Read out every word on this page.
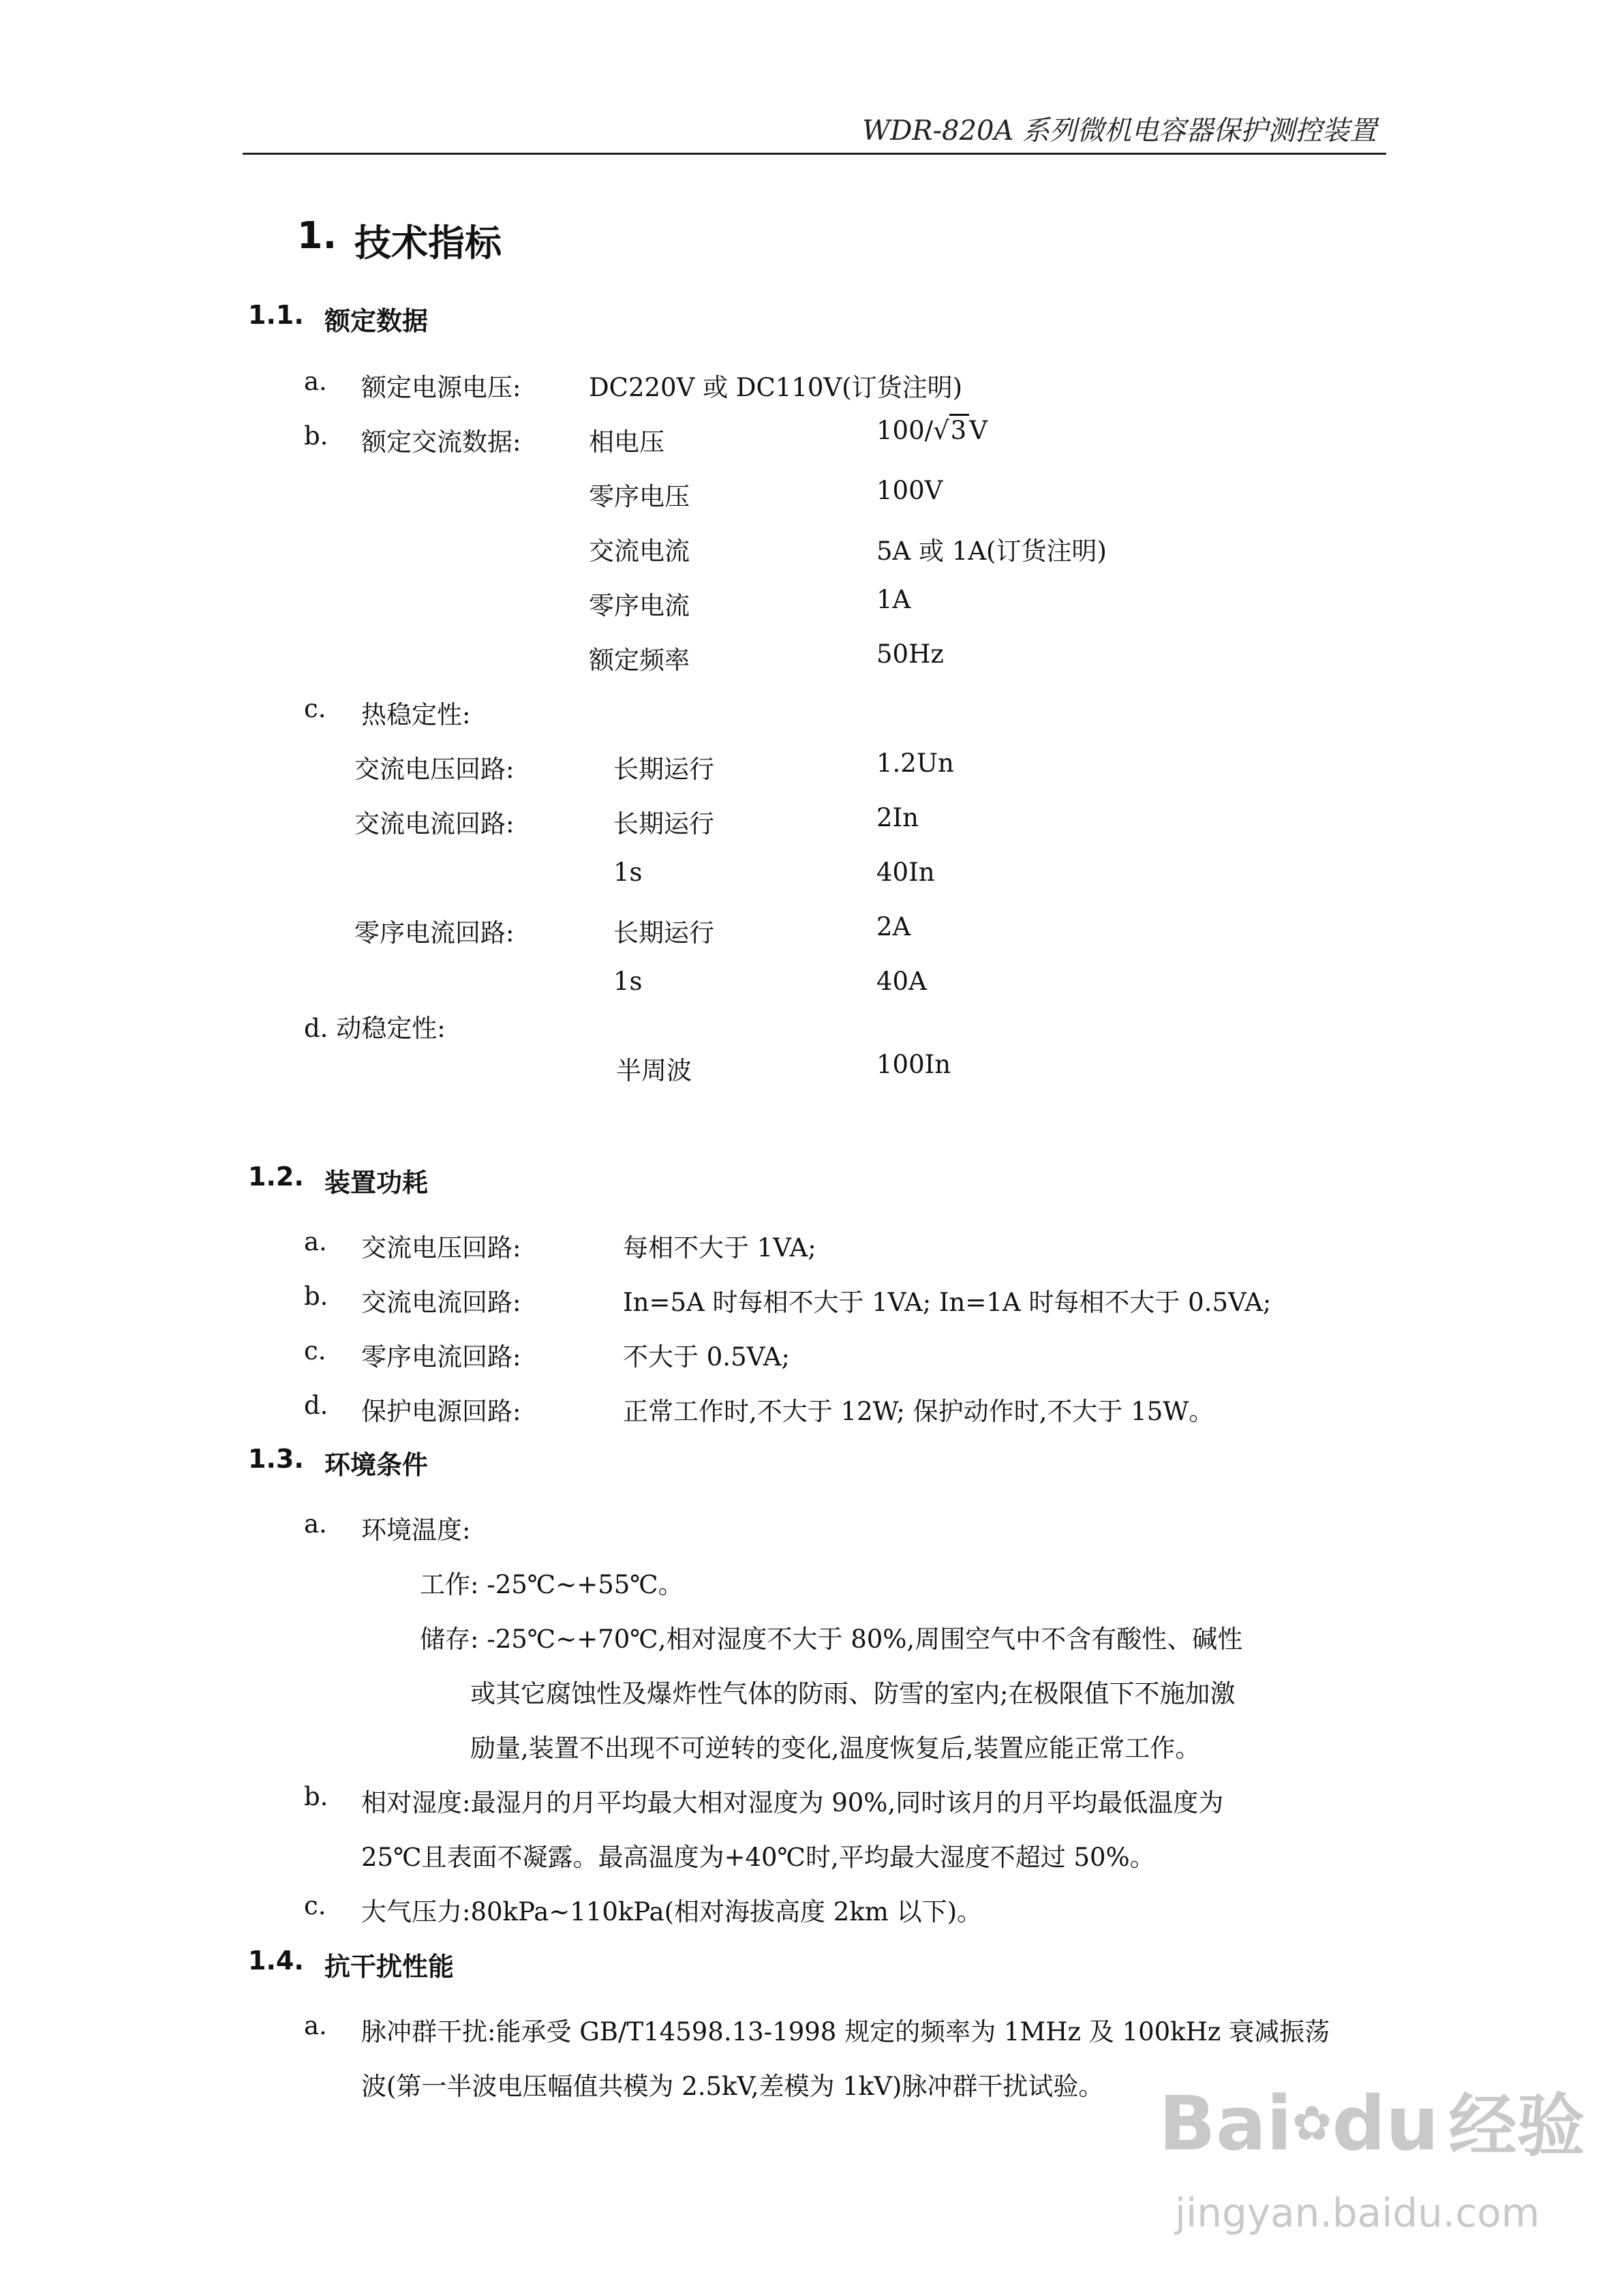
WDR-820A 系列微机电容器保护测控装置
1. 技术指标
1.1. 额定数据
a. 额定电源电压:	DC220V 或 DC110V(订货注明)
b. 额定交流数据:	相电压	100/√3 V
零序电压	100V
交流电流	5A 或 1A(订货注明)
零序电流	1A
额定频率	50Hz
c. 热稳定性:
交流电压回路:	长期运行	1.2Un
交流电流回路:	长期运行	2In
1s	40In
零序电流回路:	长期运行	2A
1s	40A
d. 动稳定性:
半周波	100In
1.2. 装置功耗
a. 交流电压回路:	每相不大于 1VA;
b. 交流电流回路:	In=5A 时每相不大于 1VA; In=1A 时每相不大于 0.5VA;
c. 零序电流回路:	不大于 0.5VA;
d. 保护电源回路:	正常工作时,不大于 12W; 保护动作时,不大于 15W。
1.3. 环境条件
a. 环境温度:
工作: -25℃~+55℃。
储存: -25℃~+70℃,相对湿度不大于 80%,周围空气中不含有酸性、碱性
或其它腐蚀性及爆炸性气体的防雨、防雪的室内;在极限值下不施加激
励量,装置不出现不可逆转的变化,温度恢复后,装置应能正常工作。
b. 相对湿度:最湿月的月平均最大相对湿度为 90%,同时该月的月平均最低温度为
25℃且表面不凝露。最高温度为+40℃时,平均最大湿度不超过 50%。
c. 大气压力:80kPa~110kPa(相对海拔高度 2km 以下)。
1.4. 抗干扰性能
a. 脉冲群干扰:能承受 GB/T14598.13-1998 规定的频率为 1MHz 及 100kHz 衰减振荡
波(第一半波电压幅值共模为 2.5kV,差模为 1kV)脉冲群干扰试验。 Bai✿du 经验
jingyan.baidu.com
